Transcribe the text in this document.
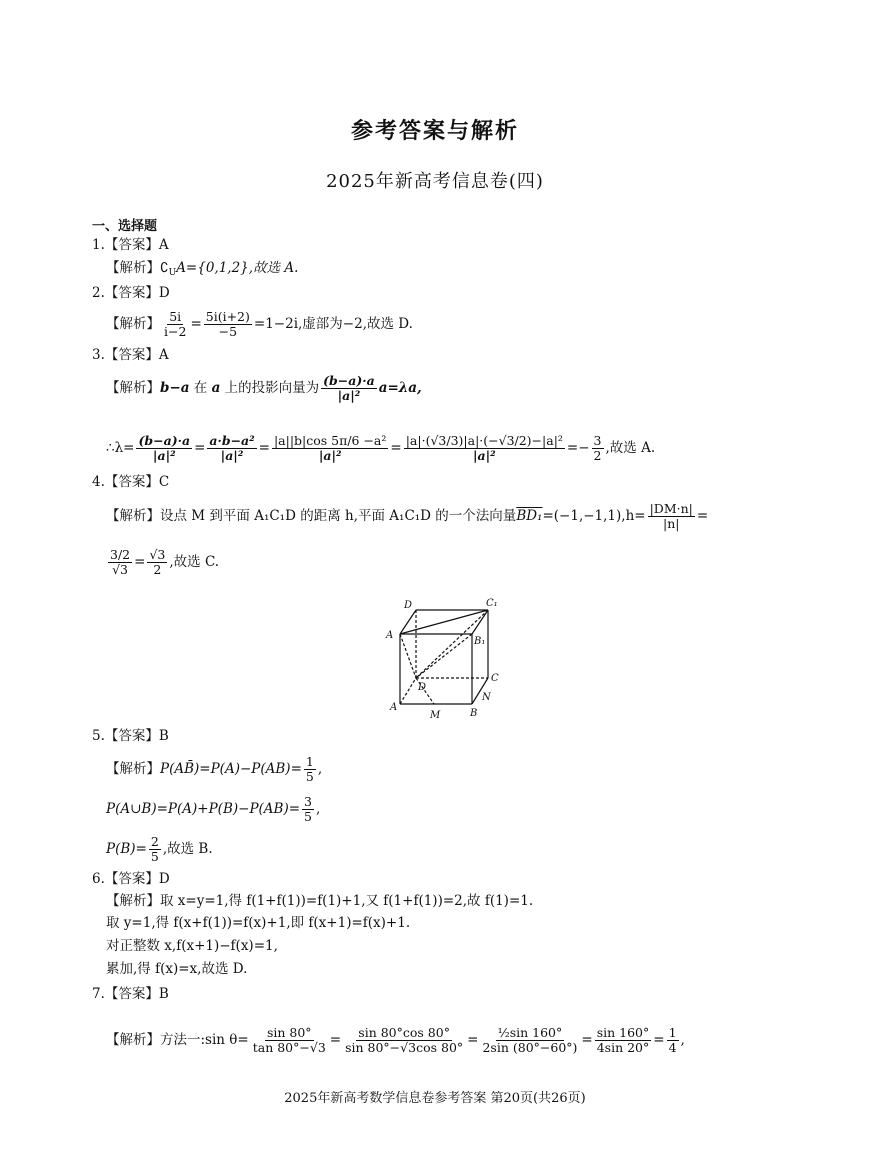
参考答案与解析
2025年新高考信息卷(四)
一、选择题
1.【答案】A
【解析】$∁_UA=\{0,1,2\}$,故选 A.
2.【答案】D
【解析】 $\frac{5i}{i-2} = \frac{5i(i+2)}{-5} =1-2i$,虚部为−2,故选 D.
3.【答案】A
【解析】b−a 在 a 上的投影向量为 $\frac{(b-a)\cdot a}{\text{|a|²}} a=\lambda a$,
∴λ= $\frac{(b-a)\cdot a}{\text{|a|²}} = \frac{\text{a·b−a²}}{\text{|a|²}} = \frac{\text{|a||b|cos 5π/6 −a²}}{\text{|a|²}} = \frac{\text{|a|·(√3/3)|a|·(−√3/2)−|a|²}}{\text{|a|²}} =- \frac{3}{2}$ ,故选 A.
4.【答案】C
【解析】设点 M 到平面 A₁C₁D 的距离 h,平面 A₁C₁D 的一个法向量$BD_1=(-1,-1,1),h= \frac{|DM\cdot n|}{|n|}$ =
$\frac{3/2}{√3} = \frac{√3}{2}$ ,故选 C.
D	C₁
A
B₁
D
C
A
M	B
N
5.【答案】B
【解析】P(AB̄)=P(A)−P(AB)= $\frac{1}{5}$ ,
P(A∪B)=P(A)+P(B)−P(AB)= $\frac{3}{5}$ ,
$P(B)= \frac{2}{5}$ ,故选 B.
6.【答案】D
【解析】取 x=y=1,得 f(1+f(1))=f(1)+1,又 f(1+f(1))=2,故 f(1)=1.
取 y=1,得 f(x+f(1))=f(x)+1,即 f(x+1)=f(x)+1.
对正整数 x,f(x+1)−f(x)=1,
累加,得 f(x)=x,故选 D.
7.【答案】B
【解析】方法一:sin $\theta= \frac{\sin 80^\circ}{\tan 80^\circ-√3} = \frac{\sin 80^\circ\cos 80^\circ}{\sin 80^\circ-√3\cos 80^\circ} = \frac{\text{½sin 160°}}{2\sin (80^\circ-60^\circ)} = \frac{\sin 160^\circ}{4\sin 20^\circ} = \frac{1}{4}$ ,
2025年新高考数学信息卷参考答案 第20页(共26页)
